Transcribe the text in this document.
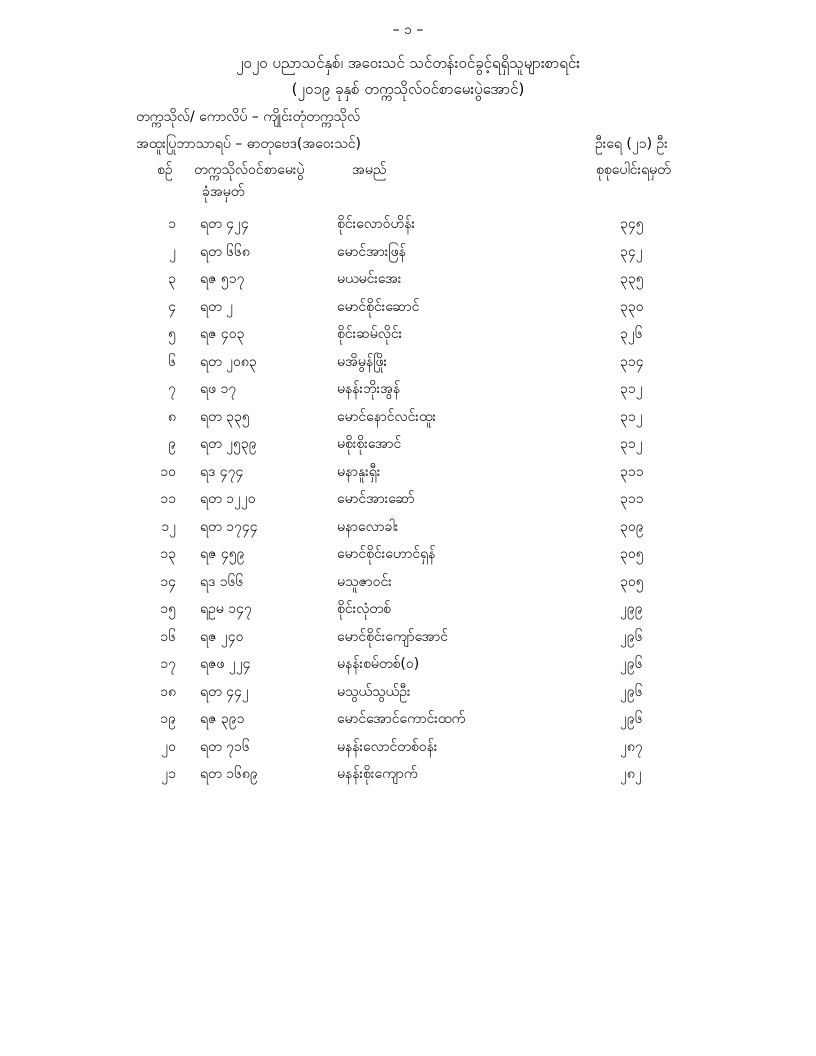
– ၁ –
၂၀၂၀ ပညာသင်နှစ်၊ အဝေးသင် သင်တန်းဝင်ခွင့်ရရှိသူများစာရင်း
(၂၀၁၉ ခုနှစ် တက္ကသိုလ်ဝင်စာမေးပွဲအောင်)
တက္ကသိုလ်/ ကောလိပ် – ကျိုင်းတုံတက္ကသိုလ်
အထူးပြုဘာသာရပ် – ဓာတုဗေဒ(အဝေးသင်)	ဦးရေ (၂၁) ဦး
စဉ် တက္ကသိုလ်ဝင်စာမေးပွဲ
ခုံအမှတ်
အမည်	စုစုပေါင်းရမှတ်
၁ ရတ ၄၂၄	စိုင်းလောဝ်ဟိန်း	၃၄၅
၂ ရတ ၆၆၈	မောင်အားဖြန်	၃၄၂
၃ ရဇ ၅၁၇	မယမင်းအေး	၃၃၅
၄ ရတ ၂	မောင်စိုင်းဆောင်	၃၃၀
၅ ရဇ ၄၀၃	စိုင်းဆမ်လိုင်း	၃၂၆
၆ ရတ ၂၀၈၃	မအိမွန်ဖြိုး	၃၁၄
၇ ရဖ ၁၇	မနန်းဘိုးအွန်	၃၁၂
၈ ရတ ၃၃၅	မောင်နောင်လင်းထူး	၃၁၂
၉ ရတ ၂၅၃၉	မစိုးစိုးအောင်	၃၁၂
၁၀ ရဒ ၄၇၄	မနာနူးရှီး	၃၁၁
၁၁ ရတ ၁၂၂၀	မောင်အားဆော်	၃၁၁
၁၂ ရတ ၁၇၄၄	မနာလောခါး	၃၀၉
၁၃ ရဇ ၄၅၉	မောင်စိုင်းဟောင်ရှန်	၃၀၅
၁၄ ရဒ ၁၆၆	မသူဇာဝင်း	၃၀၅
၁၅ ရဥမ ၁၄၇	စိုင်းလုံတစ်	၂၉၉
၁၆ ရဇ ၂၄၀	မောင်စိုင်းကျော်အောင်	၂၉၆
၁၇ ရဇဖ ၂၂၄	မနန်းစမ်တစ်(ဝ)	၂၉၆
၁၈ ရတ ၄၄၂	မသွယ်သွယ်ဦး	၂၉၆
၁၉ ရဇ ၃၉၁	မောင်အောင်ကောင်းထက်	၂၉၆
၂၀ ရတ ၇၁၆	မနန်းလောင်တစ်ဝန်း	၂၈၇
၂၁ ရတ ၁၆၈၉	မနန်းစိုးကျောက်	၂၈၂
